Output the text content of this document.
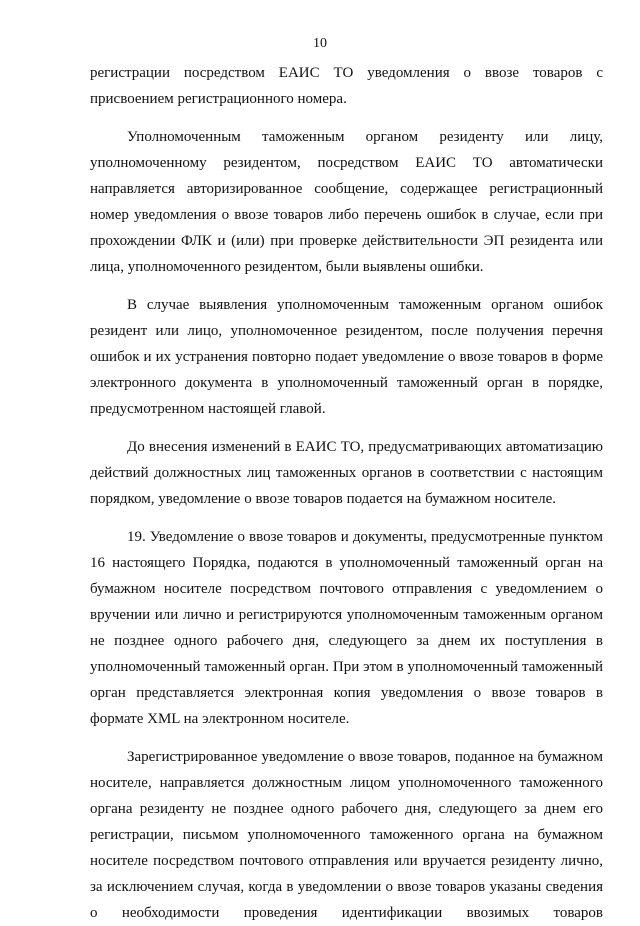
10

регистрации посредством ЕАИС ТО уведомления о ввозе товаров с присвоением регистрационного номера.

Уполномоченным таможенным органом резиденту или лицу, уполномоченному резидентом, посредством ЕАИС ТО автоматически направляется авторизированное сообщение, содержащее регистрационный номер уведомления о ввозе товаров либо перечень ошибок в случае, если при прохождении ФЛК и (или) при проверке действительности ЭП резидента или лица, уполномоченного резидентом, были выявлены ошибки.

В случае выявления уполномоченным таможенным органом ошибок резидент или лицо, уполномоченное резидентом, после получения перечня ошибок и их устранения повторно подает уведомление о ввозе товаров в форме электронного документа в уполномоченный таможенный орган в порядке, предусмотренном настоящей главой.

До внесения изменений в ЕАИС ТО, предусматривающих автоматизацию действий должностных лиц таможенных органов в соответствии с настоящим порядком, уведомление о ввозе товаров подается на бумажном носителе.

19. Уведомление о ввозе товаров и документы, предусмотренные пунктом 16 настоящего Порядка, подаются в уполномоченный таможенный орган на бумажном носителе посредством почтового отправления с уведомлением о вручении или лично и регистрируются уполномоченным таможенным органом не позднее одного рабочего дня, следующего за днем их поступления в уполномоченный таможенный орган. При этом в уполномоченный таможенный орган представляется электронная копия уведомления о ввозе товаров в формате XML на электронном носителе.

Зарегистрированное уведомление о ввозе товаров, поданное на бумажном носителе, направляется должностным лицом уполномоченного таможенного органа резиденту не позднее одного рабочего дня, следующего за днем его регистрации, письмом уполномоченного таможенного органа на бумажном носителе посредством почтового отправления или вручается резиденту лично, за исключением случая, когда в уведомлении о ввозе товаров указаны сведения о необходимости проведения идентификации ввозимых товаров
